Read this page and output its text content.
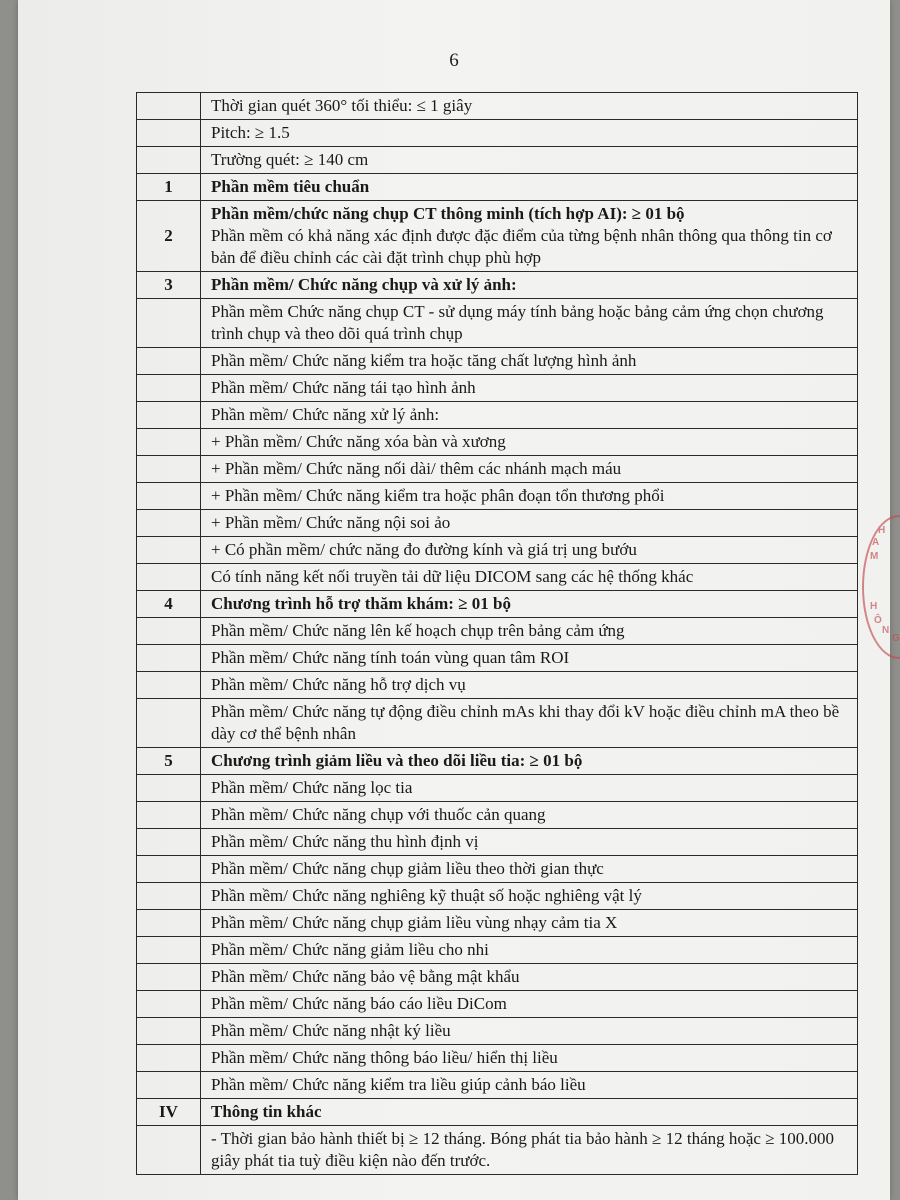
6
	Thời gian quét 360° tối thiểu: ≤ 1 giây
	Pitch: ≥ 1.5
	Trường quét: ≥ 140 cm
1	Phần mềm tiêu chuẩn
2	Phần mềm/chức năng chụp CT thông minh (tích hợp AI): ≥ 01 bộ
Phần mềm có khả năng xác định được đặc điểm của từng bệnh nhân thông qua thông tin cơ bản để điều chỉnh các cài đặt trình chụp phù hợp
3	Phần mềm/ Chức năng chụp và xử lý ảnh:
	Phần mềm Chức năng chụp CT - sử dụng máy tính bảng hoặc bảng cảm ứng chọn chương trình chụp và theo dõi quá trình chụp
	Phần mềm/ Chức năng kiểm tra hoặc tăng chất lượng hình ảnh
	Phần mềm/ Chức năng tái tạo hình ảnh
	Phần mềm/ Chức năng xử lý ảnh:
	+ Phần mềm/ Chức năng xóa bàn và xương
	+ Phần mềm/ Chức năng nối dài/ thêm các nhánh mạch máu
	+ Phần mềm/ Chức năng kiểm tra hoặc phân đoạn tổn thương phổi
	+ Phần mềm/ Chức năng nội soi ảo
	+ Có phần mềm/ chức năng đo đường kính và giá trị ung bướu
	Có tính năng kết nối truyền tải dữ liệu DICOM sang các hệ thống khác
4	Chương trình hỗ trợ thăm khám: ≥ 01 bộ
	Phần mềm/ Chức năng lên kế hoạch chụp trên bảng cảm ứng
	Phần mềm/ Chức năng tính toán vùng quan tâm ROI
	Phần mềm/ Chức năng hỗ trợ dịch vụ
	Phần mềm/ Chức năng tự động điều chỉnh mAs khi thay đổi kV hoặc điều chỉnh mA theo bề dày cơ thể bệnh nhân
5	Chương trình giảm liều và theo dõi liều tia: ≥ 01 bộ
	Phần mềm/ Chức năng lọc tia
	Phần mềm/ Chức năng chụp với thuốc cản quang
	Phần mềm/ Chức năng thu hình định vị
	Phần mềm/ Chức năng chụp giảm liều theo thời gian thực
	Phần mềm/ Chức năng nghiêng kỹ thuật số hoặc nghiêng vật lý
	Phần mềm/ Chức năng chụp giảm liều vùng nhạy cảm tia X
	Phần mềm/ Chức năng giảm liều cho nhi
	Phần mềm/ Chức năng bảo vệ bằng mật khẩu
	Phần mềm/ Chức năng báo cáo liều DiCom
	Phần mềm/ Chức năng nhật ký liều
	Phần mềm/ Chức năng thông báo liều/ hiển thị liều
	Phần mềm/ Chức năng kiểm tra liều giúp cảnh báo liều
IV	Thông tin khác
	- Thời gian bảo hành thiết bị ≥ 12 tháng. Bóng phát tia bảo hành ≥ 12 tháng hoặc ≥ 100.000 giây phát tia tuỳ điều kiện nào đến trước.
H
A
M
H
Ô
N
G
